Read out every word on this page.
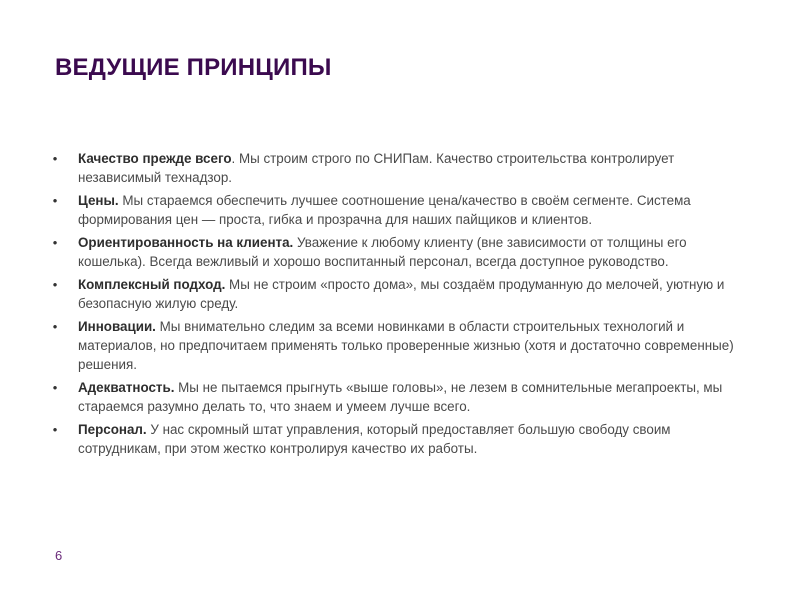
ВЕДУЩИЕ ПРИНЦИПЫ
•	Качество прежде всего. Мы строим строго по СНИПам. Качество строительства контролирует независимый технадзор.
•	Цены. Мы стараемся обеспечить лучшее соотношение цена/качество в своём сегменте. Система формирования цен — проста, гибка и прозрачна для наших пайщиков и клиентов.
•	Ориентированность на клиента. Уважение к любому клиенту (вне зависимости от толщины его кошелька). Всегда вежливый и хорошо воспитанный персонал, всегда доступное руководство.
•	Комплексный подход. Мы не строим «просто дома», мы создаём продуманную до мелочей, уютную и безопасную жилую среду.
•	Инновации. Мы внимательно следим за всеми новинками в области строительных технологий и материалов, но предпочитаем применять только проверенные жизнью (хотя и достаточно современные) решения.
•	Адекватность. Мы не пытаемся прыгнуть «выше головы», не лезем в сомнительные мегапроекты, мы стараемся разумно делать то, что знаем и умеем лучше всего.
•	Персонал. У нас скромный штат управления, который предоставляет большую свободу своим сотрудникам, при этом жестко контролируя качество их работы.
6
